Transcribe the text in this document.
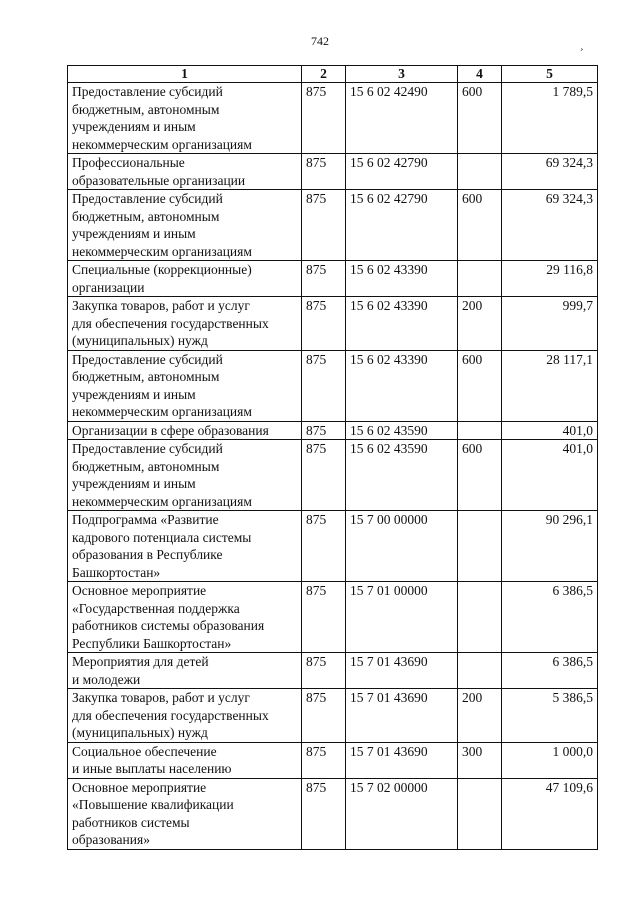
742	¸
1	2	3	4	5
Предоставление субсидий
бюджетным, автономным
учреждениям и иным
некоммерческим организациям	875	15 6 02 42490	600	1 789,5
Профессиональные
образовательные организации	875	15 6 02 42790		69 324,3
Предоставление субсидий
бюджетным, автономным
учреждениям и иным
некоммерческим организациям	875	15 6 02 42790	600	69 324,3
Специальные (коррекционные)
организации	875	15 6 02 43390		29 116,8
Закупка товаров, работ и услуг
для обеспечения государственных
(муниципальных) нужд	875	15 6 02 43390	200	999,7
Предоставление субсидий
бюджетным, автономным
учреждениям и иным
некоммерческим организациям	875	15 6 02 43390	600	28 117,1
Организации в сфере образования	875	15 6 02 43590		401,0
Предоставление субсидий
бюджетным, автономным
учреждениям и иным
некоммерческим организациям	875	15 6 02 43590	600	401,0
Подпрограмма «Развитие
кадрового потенциала системы
образования в Республике
Башкортостан»	875	15 7 00 00000		90 296,1
Основное мероприятие
«Государственная поддержка
работников системы образования
Республики Башкортостан»	875	15 7 01 00000		6 386,5
Мероприятия для детей
и молодежи	875	15 7 01 43690		6 386,5
Закупка товаров, работ и услуг
для обеспечения государственных
(муниципальных) нужд	875	15 7 01 43690	200	5 386,5
Социальное обеспечение
и иные выплаты населению	875	15 7 01 43690	300	1 000,0
Основное мероприятие
«Повышение квалификации
работников системы
образования»	875	15 7 02 00000		47 109,6
